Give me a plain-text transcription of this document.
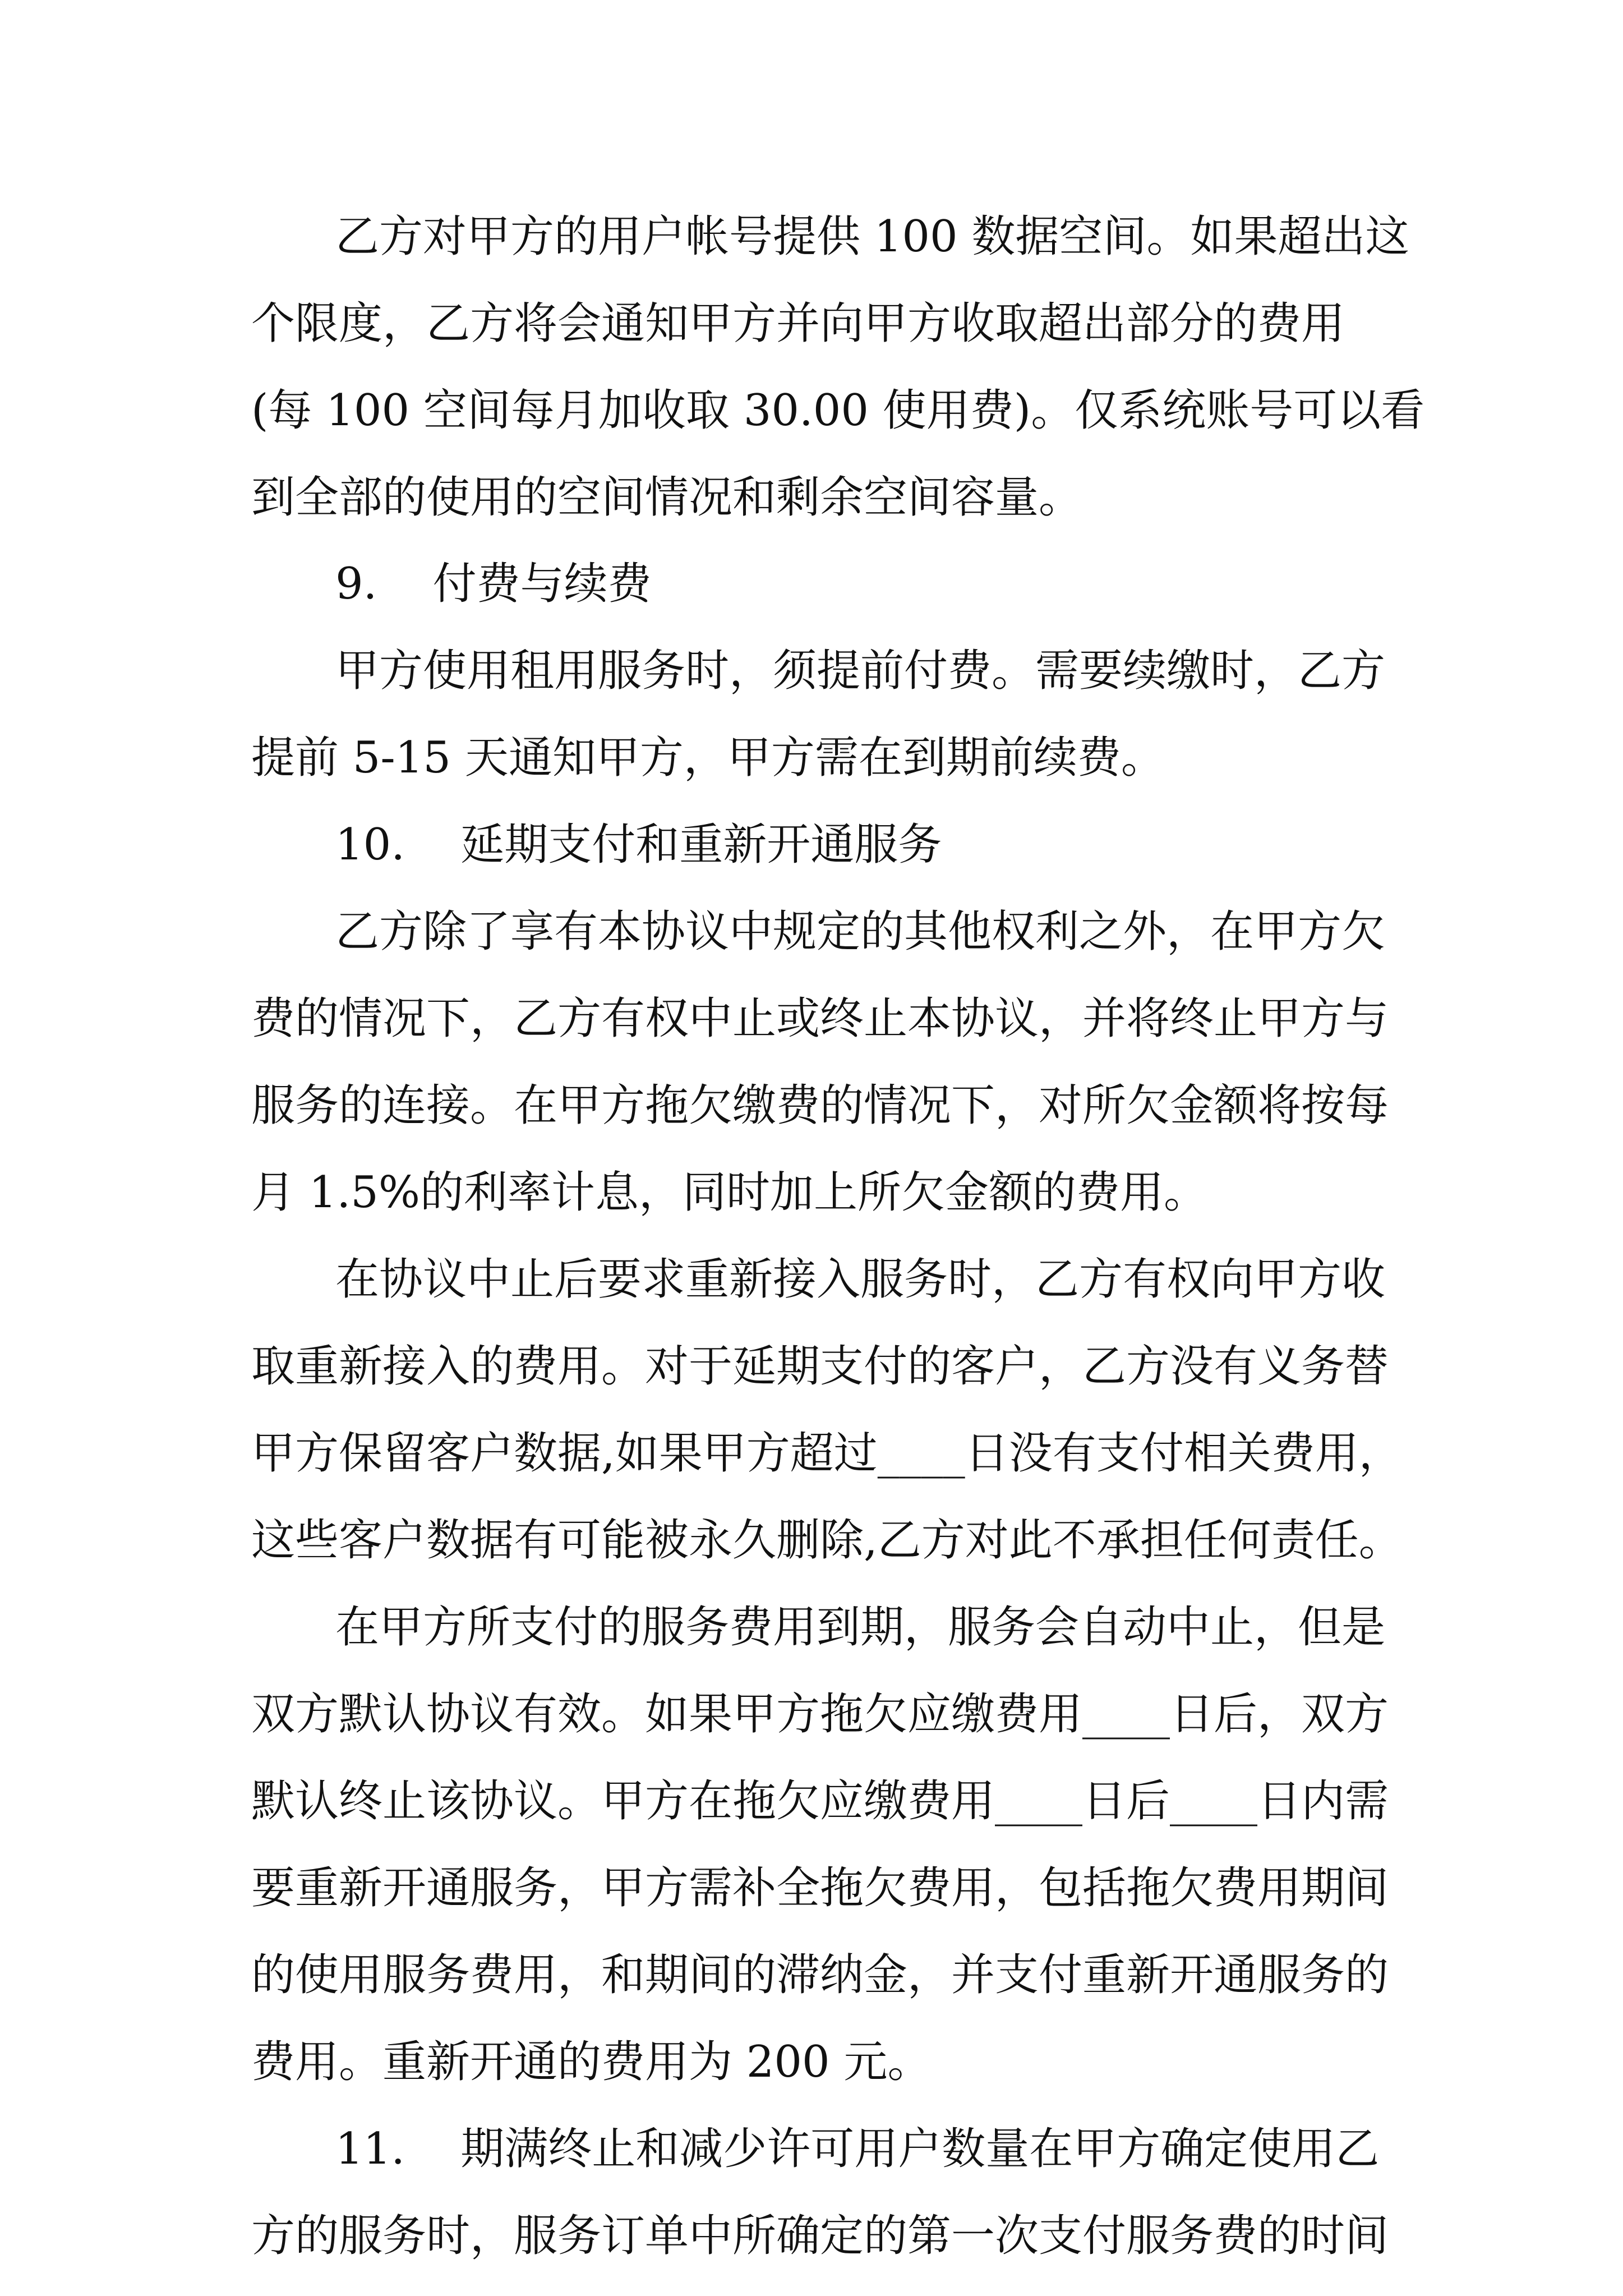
乙方对甲方的用户帐号提供 100 数据空间。如果超出这
个限度，乙方将会通知甲方并向甲方收取超出部分的费用
(每 100 空间每月加收取 30.00 使用费)。仅系统账号可以看
到全部的使用的空间情况和剩余空间容量。
9.    付费与续费
甲方使用租用服务时，须提前付费。需要续缴时，乙方
提前 5-15 天通知甲方，甲方需在到期前续费。
10.    延期支付和重新开通服务
乙方除了享有本协议中规定的其他权利之外，在甲方欠
费的情况下，乙方有权中止或终止本协议，并将终止甲方与
服务的连接。在甲方拖欠缴费的情况下，对所欠金额将按每
月 1.5%的利率计息，同时加上所欠金额的费用。
在协议中止后要求重新接入服务时，乙方有权向甲方收
取重新接入的费用。对于延期支付的客户，乙方没有义务替
甲方保留客户数据,如果甲方超过____日没有支付相关费用，
这些客户数据有可能被永久删除,乙方对此不承担任何责任。
在甲方所支付的服务费用到期，服务会自动中止，但是
双方默认协议有效。如果甲方拖欠应缴费用____日后，双方
默认终止该协议。甲方在拖欠应缴费用____日后____日内需
要重新开通服务，甲方需补全拖欠费用，包括拖欠费用期间
的使用服务费用，和期间的滞纳金，并支付重新开通服务的
费用。重新开通的费用为 200 元。
11.    期满终止和减少许可用户数量在甲方确定使用乙
方的服务时，服务订单中所确定的第一次支付服务费的时间
